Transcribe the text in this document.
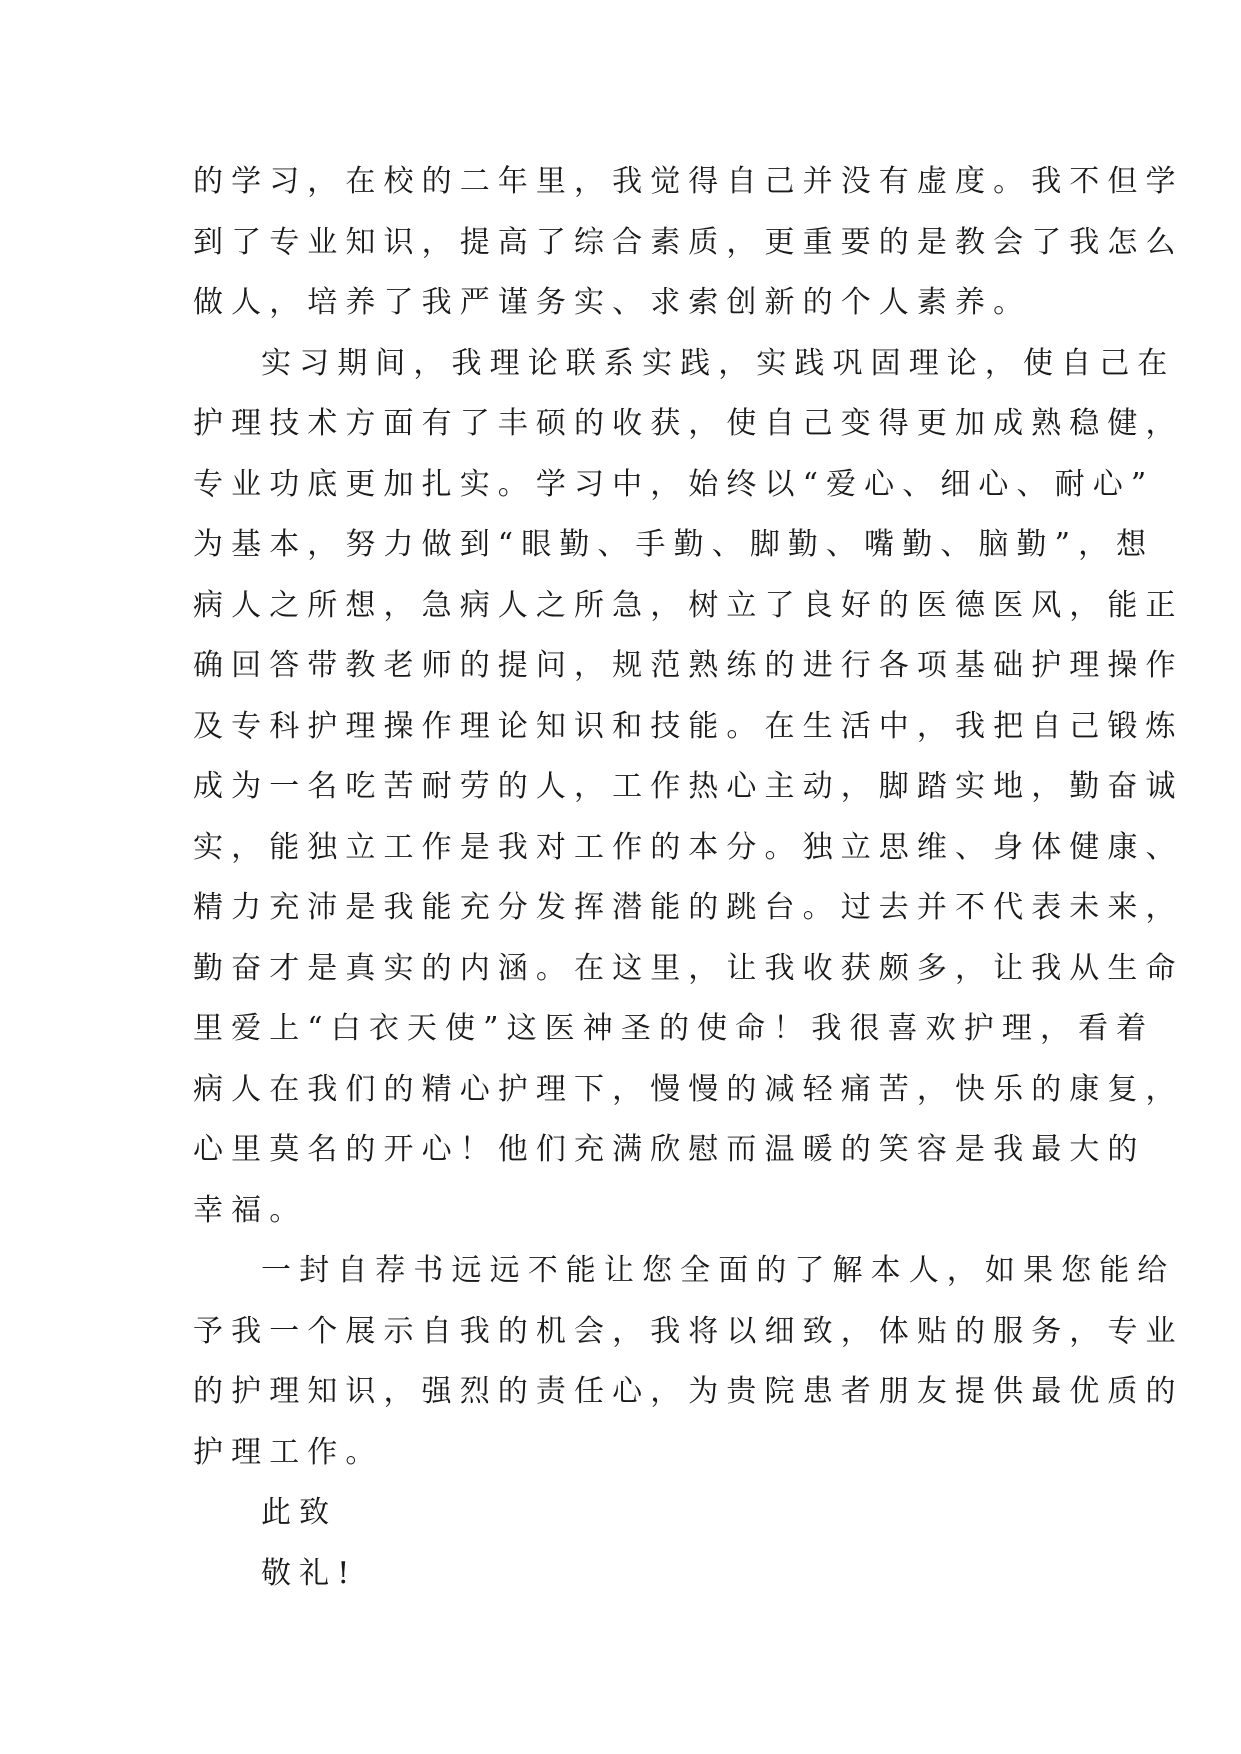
的学习，在校的二年里，我觉得自己并没有虚度。我不但学
到了专业知识，提高了综合素质，更重要的是教会了我怎么
做人，培养了我严谨务实、求索创新的个人素养。
实习期间，我理论联系实践，实践巩固理论，使自己在
护理技术方面有了丰硕的收获，使自己变得更加成熟稳健，
专业功底更加扎实。学习中，始终以“爱心、细心、耐心”
为基本，努力做到“眼勤、手勤、脚勤、嘴勤、脑勤”，想
病人之所想，急病人之所急，树立了良好的医德医风，能正
确回答带教老师的提问，规范熟练的进行各项基础护理操作
及专科护理操作理论知识和技能。在生活中，我把自己锻炼
成为一名吃苦耐劳的人，工作热心主动，脚踏实地，勤奋诚
实，能独立工作是我对工作的本分。独立思维、身体健康、
精力充沛是我能充分发挥潜能的跳台。过去并不代表未来，
勤奋才是真实的内涵。在这里，让我收获颇多，让我从生命
里爱上“白衣天使”这医神圣的使命！我很喜欢护理，看着
病人在我们的精心护理下，慢慢的减轻痛苦，快乐的康复，
心里莫名的开心！他们充满欣慰而温暖的笑容是我最大的
幸福。
一封自荐书远远不能让您全面的了解本人，如果您能给
予我一个展示自我的机会，我将以细致，体贴的服务，专业
的护理知识，强烈的责任心，为贵院患者朋友提供最优质的
护理工作。
此致
敬礼!
